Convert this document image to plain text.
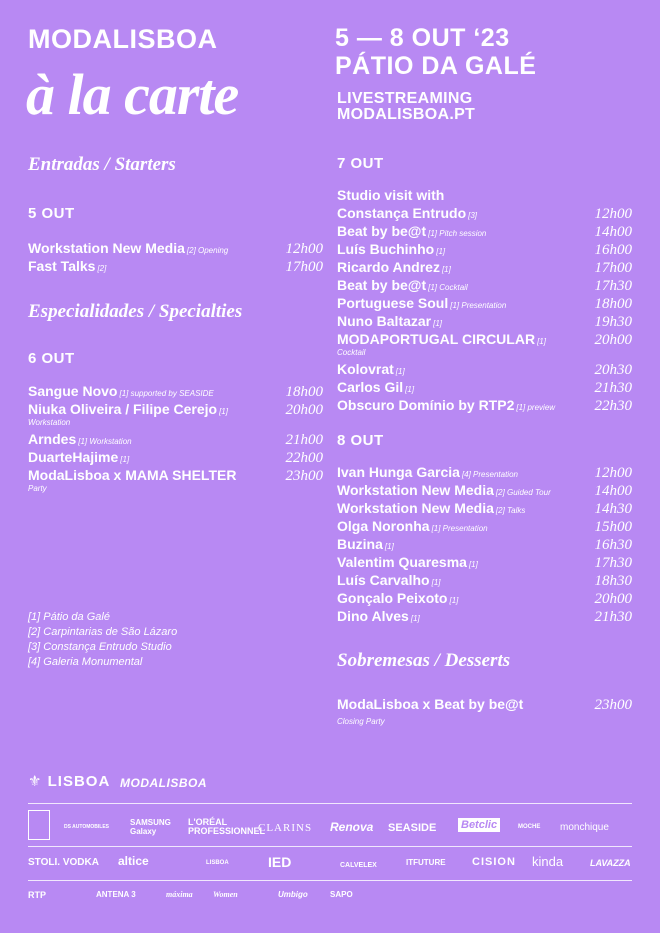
MODALISBOA
à la carte
5 — 8 OUT ‘23
PÁTIO DA GALÉ
LIVESTREAMING
MODALISBOA.PT
Entradas / Starters
5 OUT
Workstation New Media [2] Opening	12h00
Fast Talks [2]	17h00
Especialidades / Specialties
6 OUT
Sangue Novo [1] supported by SEASIDE	18h00
Niuka Oliveira / Filipe Cerejo [1]	20h00
Workstation
Arndes [1] Workstation	21h00
DuarteHajime [1]	22h00
ModaLisboa x MAMA SHELTER	23h00
Party
[1] Pátio da Galé
[2] Carpintarias de São Lázaro
[3] Constança Entrudo Studio
[4] Galeria Monumental
7 OUT
Studio visit with
Constança Entrudo [3]	12h00
Beat by be@t [1] Pitch session	14h00
Luís Buchinho [1]	16h00
Ricardo Andrez [1]	17h00
Beat by be@t [1] Cocktail	17h30
Portuguese Soul [1] Presentation	18h00
Nuno Baltazar [1]	19h30
MODAPORTUGAL CIRCULAR [1]	20h00
Cocktail
Kolovrat [1]	20h30
Carlos Gil [1]	21h30
Obscuro Domínio by RTP2 [1] preview	22h30
8 OUT
Ivan Hunga Garcia [4] Presentation	12h00
Workstation New Media [2] Guided Tour	14h00
Workstation New Media [2] Talks	14h30
Olga Noronha [1] Presentation	15h00
Buzina [1]	16h30
Valentim Quaresma [1]	17h30
Luís Carvalho [1]	18h30
Gonçalo Peixoto [1]	20h00
Dino Alves [1]	21h30
Sobremesas / Desserts
ModaLisboa x Beat by be@t	23h00
Closing Party
⚜ LISBOA MODALISBOA
DS AUTOMOBILES	SAMSUNG Galaxy
L'ORÉAL PROFESSIONNEL
CLARINS Renova SEASIDE Betclic	MOCHE monchique
STOLI. VODKA altice	LISBOA	IED	CALVELEX	ITFUTURE CISION kinda	LAVAZZA
RTP	ANTENA 3	máxima	Women	Umbigo	SAPO
